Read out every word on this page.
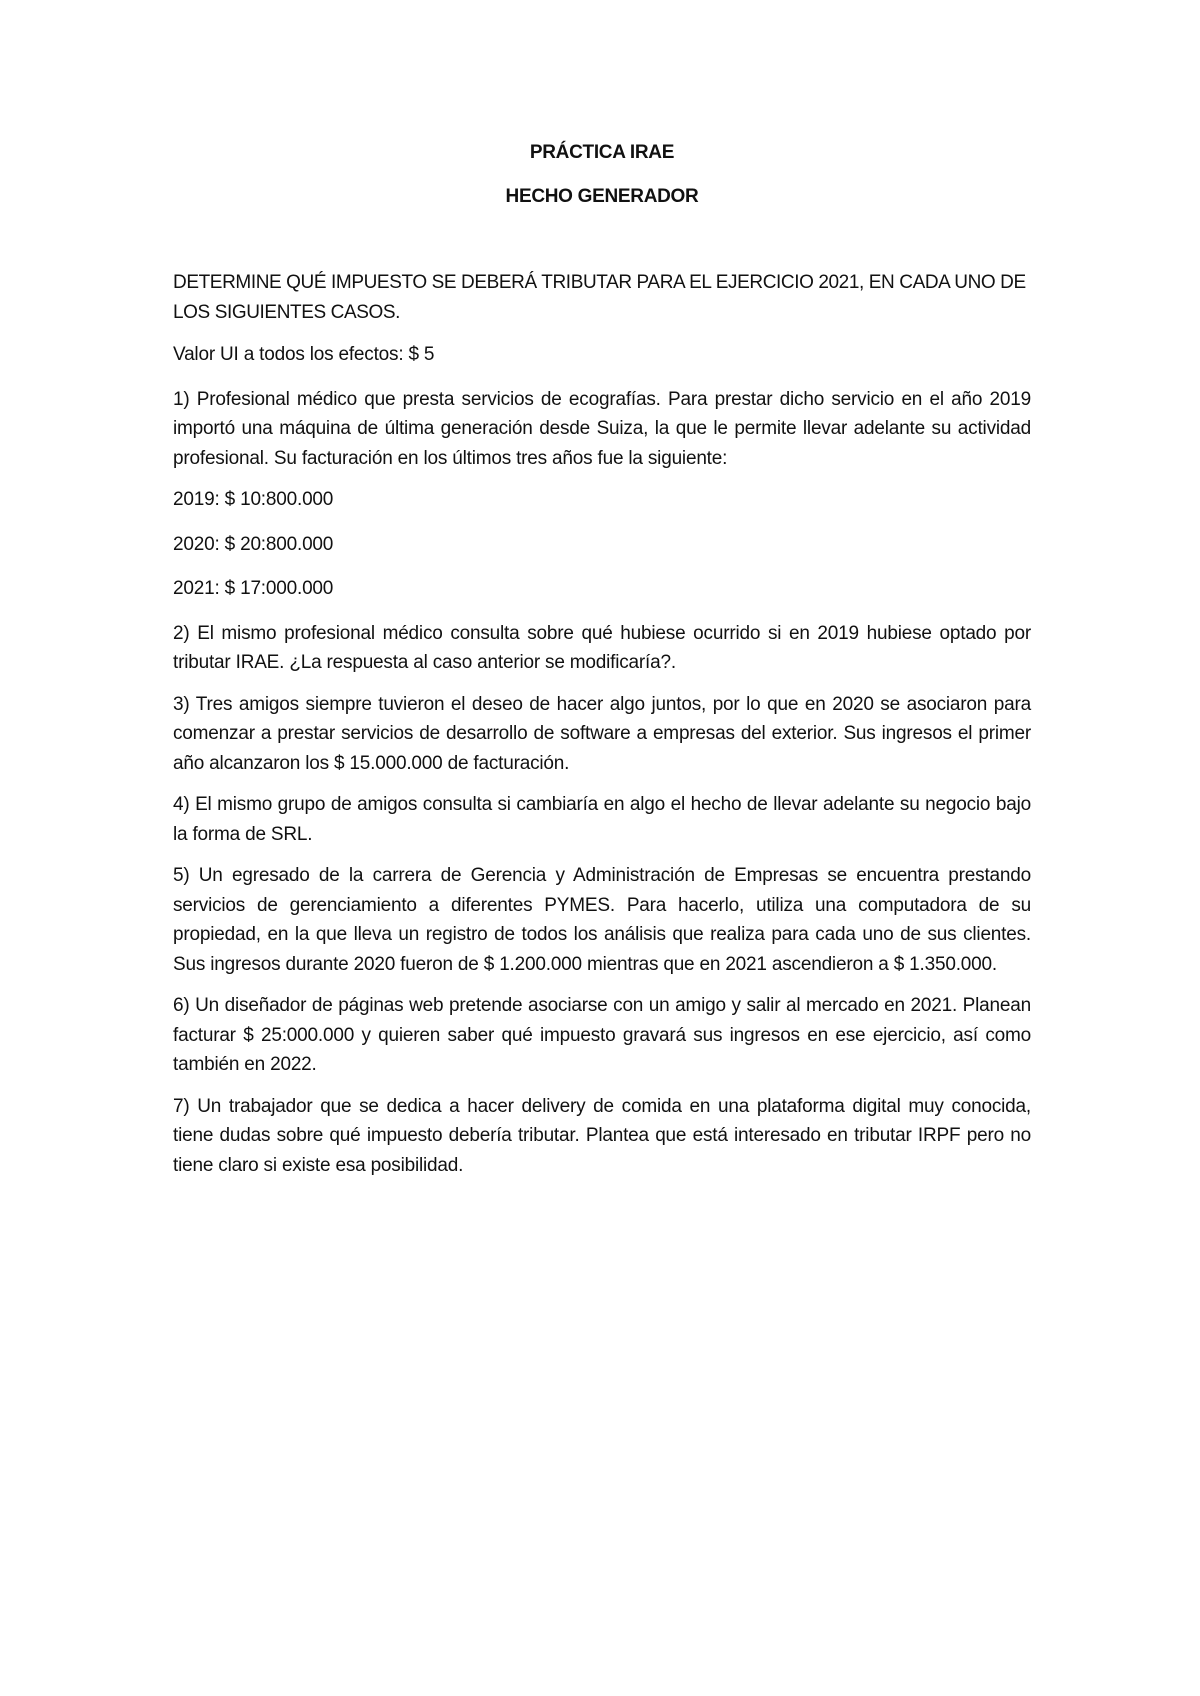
PRÁCTICA IRAE

HECHO GENERADOR

DETERMINE QUÉ IMPUESTO SE DEBERÁ TRIBUTAR PARA EL EJERCICIO 2021, EN CADA UNO DE LOS SIGUIENTES CASOS.

Valor UI a todos los efectos: $ 5

1) Profesional médico que presta servicios de ecografías. Para prestar dicho servicio en el año 2019 importó una máquina de última generación desde Suiza, la que le permite llevar adelante su actividad profesional. Su facturación en los últimos tres años fue la siguiente:

2019: $ 10:800.000

2020: $ 20:800.000

2021: $ 17:000.000

2) El mismo profesional médico consulta sobre qué hubiese ocurrido si en 2019 hubiese optado por tributar IRAE. ¿La respuesta al caso anterior se modificaría?.

3) Tres amigos siempre tuvieron el deseo de hacer algo juntos, por lo que en 2020 se asociaron para comenzar a prestar servicios de desarrollo de software a empresas del exterior. Sus ingresos el primer año alcanzaron los $ 15.000.000 de facturación.

4) El mismo grupo de amigos consulta si cambiaría en algo el hecho de llevar adelante su negocio bajo la forma de SRL.

5) Un egresado de la carrera de Gerencia y Administración de Empresas se encuentra prestando servicios de gerenciamiento a diferentes PYMES. Para hacerlo, utiliza una computadora de su propiedad, en la que lleva un registro de todos los análisis que realiza para cada uno de sus clientes. Sus ingresos durante 2020 fueron de $ 1.200.000 mientras que en 2021 ascendieron a $ 1.350.000.

6) Un diseñador de páginas web pretende asociarse con un amigo y salir al mercado en 2021. Planean facturar $ 25:000.000 y quieren saber qué impuesto gravará sus ingresos en ese ejercicio, así como también en 2022.

7) Un trabajador que se dedica a hacer delivery de comida en una plataforma digital muy conocida, tiene dudas sobre qué impuesto debería tributar. Plantea que está interesado en tributar IRPF pero no tiene claro si existe esa posibilidad.
